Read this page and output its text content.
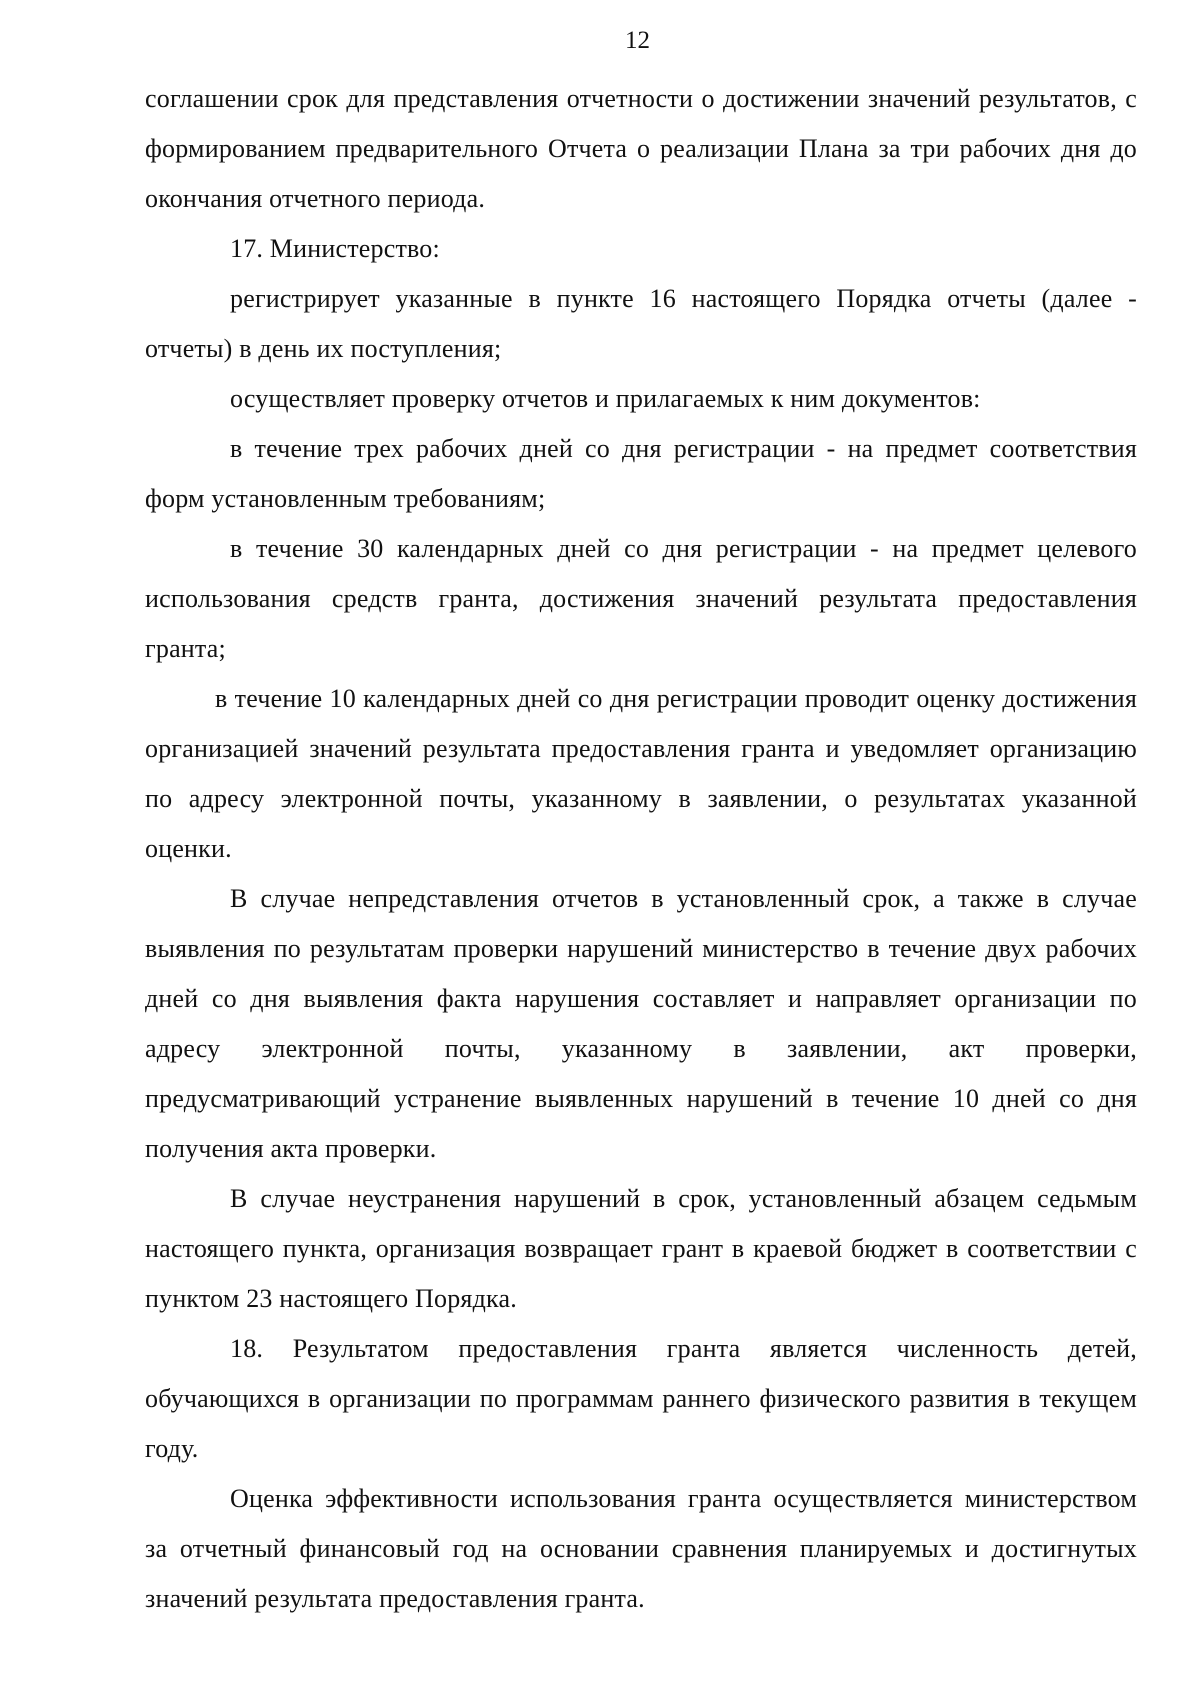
12

соглашении срок для представления отчетности о достижении значений результатов, с формированием предварительного Отчета о реализации Плана за три рабочих дня до окончания отчетного периода.

17. Министерство:

регистрирует указанные в пункте 16 настоящего Порядка отчеты (далее - отчеты) в день их поступления;

осуществляет проверку отчетов и прилагаемых к ним документов:

в течение трех рабочих дней со дня регистрации - на предмет соответствия форм установленным требованиям;

в течение 30 календарных дней со дня регистрации - на предмет целевого использования средств гранта, достижения значений результата предоставления гранта;

в течение 10 календарных дней со дня регистрации проводит оценку достижения организацией значений результата предоставления гранта и уведомляет организацию по адресу электронной почты, указанному в заявлении, о результатах указанной оценки.

В случае непредставления отчетов в установленный срок, а также в случае выявления по результатам проверки нарушений министерство в течение двух рабочих дней со дня выявления факта нарушения составляет и направляет организации по адресу электронной почты, указанному в заявлении, акт проверки, предусматривающий устранение выявленных нарушений в течение 10 дней со дня получения акта проверки.

В случае неустранения нарушений в срок, установленный абзацем седьмым настоящего пункта, организация возвращает грант в краевой бюджет в соответствии с пунктом 23 настоящего Порядка.

18. Результатом предоставления гранта является численность детей, обучающихся в организации по программам раннего физического развития в текущем году.

Оценка эффективности использования гранта осуществляется министерством за отчетный финансовый год на основании сравнения планируемых и достигнутых значений результата предоставления гранта.
